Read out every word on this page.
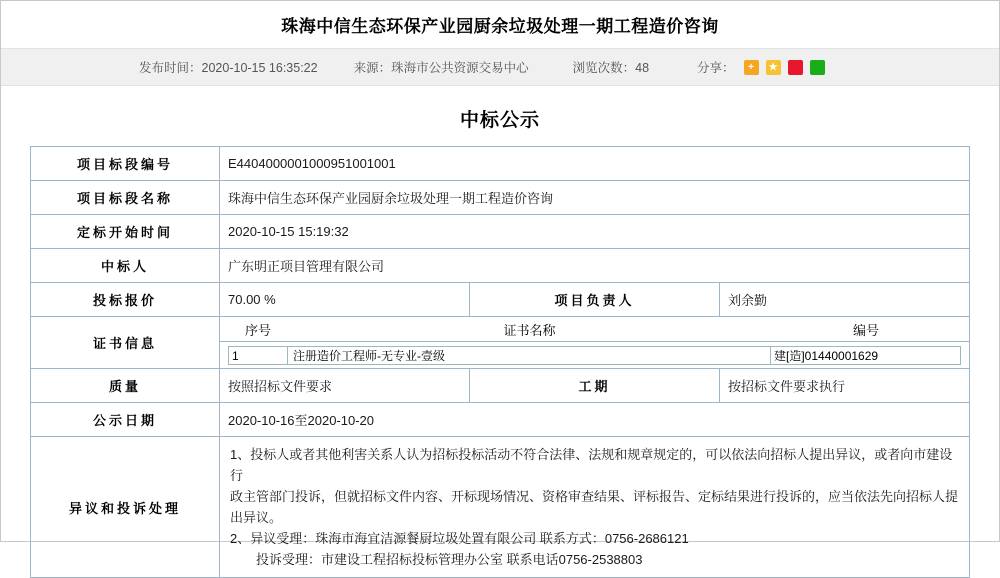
珠海中信生态环保产业园厨余垃圾处理一期工程造价咨询
发布时间：2020-10-15 16:35:22	来源：珠海市公共资源交易中心	浏览次数：48	分享：	+	★

中标公示
项目标段编号	E4404000001000951001001		
项目标段名称	珠海中信生态环保产业园厨余垃圾处理一期工程造价咨询		
定标开始时间	2020-10-15 15:19:32		
中标人	广东明正项目管理有限公司		
投标报价	70.00 %	项目负责人	刘余勤
证书信息	序号 证书名称 编号		

	1 注册造价工程师-无专业-壹级 建[造]01440001629		

质量	按照招标文件要求	工期	按招标文件要求执行
公示日期	2020-10-16至2020-10-20		
异议和投诉处理	1、投标人或者其他利害关系人认为招标投标活动不符合法律、法规和规章规定的，可以依法向招标人提出异议，或者向市建设行

政主管部门投诉，但就招标文件内容、开标现场情况、资格审查结果、评标报告、定标结果进行投诉的，应当依法先向招标人提

出异议。

2、异议受理：珠海市海宜洁源餐厨垃圾处置有限公司 联系方式：0756-2686121

投诉受理：市建设工程招标投标管理办公室 联系电话0756-2538803		
